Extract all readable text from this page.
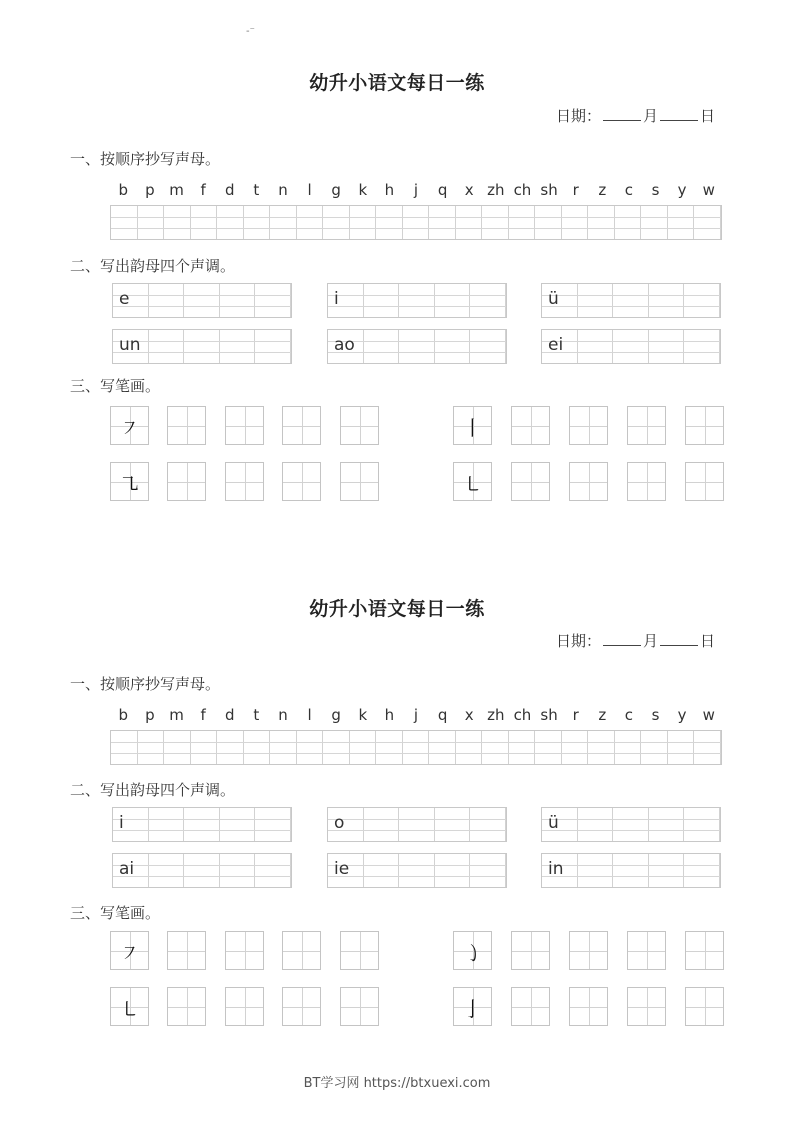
-⁻
幼升小语文每日一练
日期：	月	日
一、按顺序抄写声母。
b	p m	f	d	t	n	l	g	k	h	j	q	x zh ch sh r	z	c	s	y	w
二、写出韵母四个声调。
e	i	ü
un	ao	ei
三、写笔画。
㇇	丨
㇈	㇄
幼升小语文每日一练
日期：	月	日
一、按顺序抄写声母。
b	p m	f	d	t	n	l	g	k	h	j	q	x zh ch sh r	z	c	s	y	w
二、写出韵母四个声调。
i	o	ü
ai	ie	in
三、写笔画。
㇇	㇁
㇄	亅
BT学习网 https://btxuexi.com
